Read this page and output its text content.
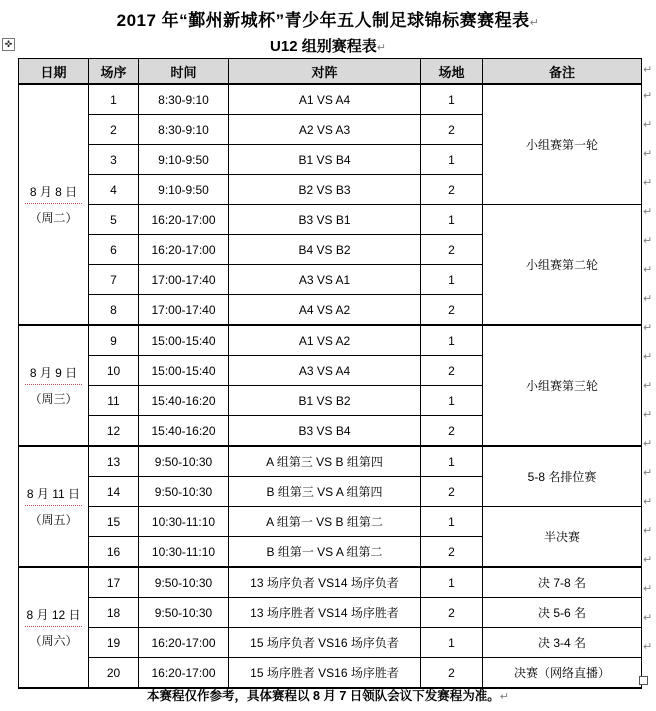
✜
2017 年“鄞州新城杯”青少年五人制足球锦标赛赛程表↵
U12 组别赛程表↵
日期	场序	时间	对阵	场地	备注

8 月 8 日
（周二）	1	8:30-9:10	A1 VS A4	1	小组赛第一轮
	2	8:30-9:10	A2 VS A3	2	
	3	9:10-9:50	B1 VS B4	1	
	4	9:10-9:50	B2 VS B3	2	
	5	16:20-17:00	B3 VS B1	1	小组赛第二轮
	6	16:20-17:00	B4 VS B2	2	
	7	17:00-17:40	A3 VS A1	1	
	8	17:00-17:40	A4 VS A2	2	

8 月 9 日
（周三）	9	15:00-15:40	A1 VS A2	1	小组赛第三轮
	10	15:00-15:40	A3 VS A4	2	
	11	15:40-16:20	B1 VS B2	1	
	12	15:40-16:20	B3 VS B4	2	

8 月 11 日
（周五）	13	9:50-10:30	A 组第三 VS B 组第四	1	5-8 名排位赛
	14	9:50-10:30	B 组第三 VS A 组第四	2	
	15	10:30-11:10	A 组第一 VS B 组第二	1	半决赛
	16	10:30-11:10	B 组第一 VS A 组第二	2	

8 月 12 日
（周六）	17	9:50-10:30	13 场序负者 VS14 场序负者	1	决 7-8 名
	18	9:50-10:30	13 场序胜者 VS14 场序胜者	2	决 5-6 名
	19	16:20-17:00	15 场序负者 VS16 场序负者	1	决 3-4 名
	20	16:20-17:00	15 场序胜者 VS16 场序胜者	2	决赛（网络直播）
↵
↵
↵
↵
↵
↵
↵
↵
↵
↵
↵
↵
↵
↵
↵
↵
↵
↵
↵
↵
↵
本赛程仅作参考，具体赛程以 8 月 7 日领队会议下发赛程为准。↵
